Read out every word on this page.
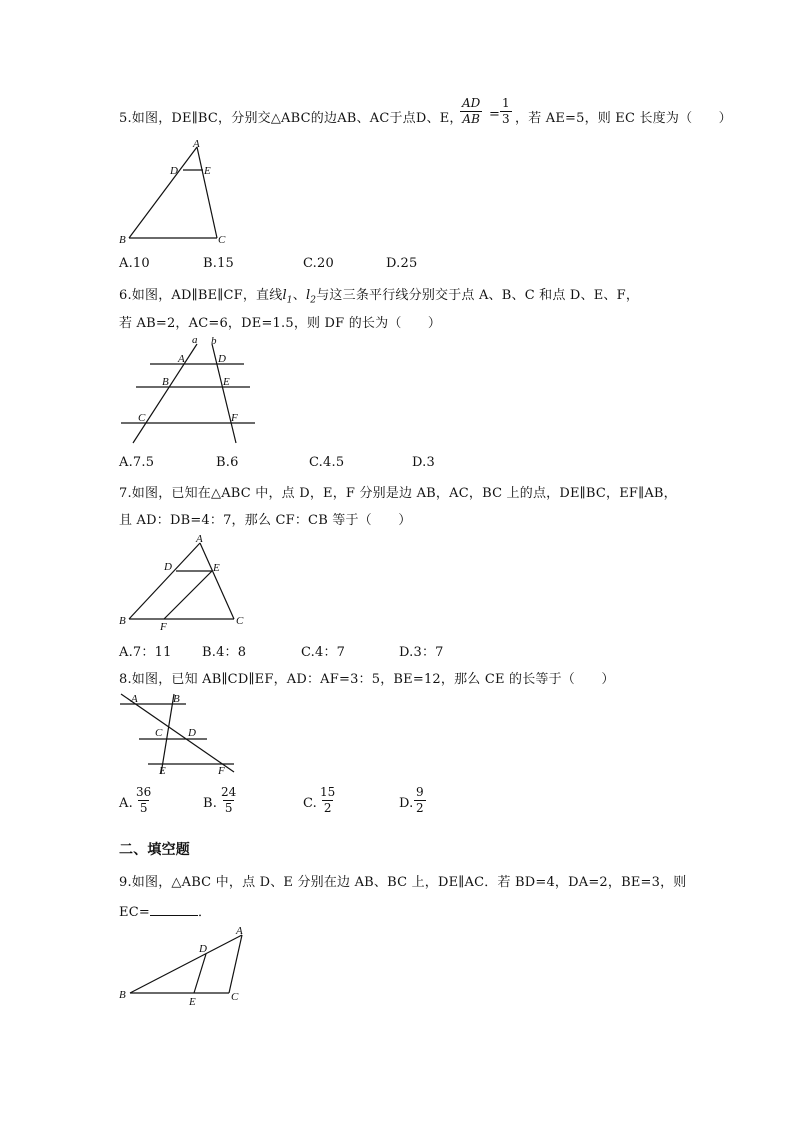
5.如图，DE∥BC，分别交△ABC的边AB、AC于点D、E，
$\frac{AD}{AB} = \frac{1}{3}$ ，若 AE=5，则 EC 长度为（　　）
A
D E
B	C
A.10	B.15	C.20	D.25
6.如图，AD∥BE∥CF，直线$l_1$、$l_2$与这三条平行线分别交于点 A、B、C 和点 D、E、F，
若 AB=2，AC=6，DE=1.5，则 DF 的长为（　　）
a b
A	D
B	E
C	F
A.7.5	B.6	C.4.5	D.3
7.如图，已知在△ABC 中，点 D，E，F 分别是边 AB，AC，BC 上的点，DE∥BC，EF∥AB，
且 AD：DB=4：7，那么 CF：CB 等于（　　）
A
D	E
B	F	C
A.7：11 B.4：8	C.4：7	D.3：7
8.如图，已知 AB∥CD∥EF，AD：AF=3：5，BE=12，那么 CE 的长等于（　　）
A	B
C D
E	F
A. $\frac{36}{5}$	B. $\frac{24}{5}$	C. $\frac{15}{2}$	D. $\frac{9}{2}$
二、填空题
9.如图，△ABC 中，点 D、E 分别在边 AB、BC 上，DE∥AC．若 BD=4，DA=2，BE=3，则
EC=	．
A
D
B
E	C
